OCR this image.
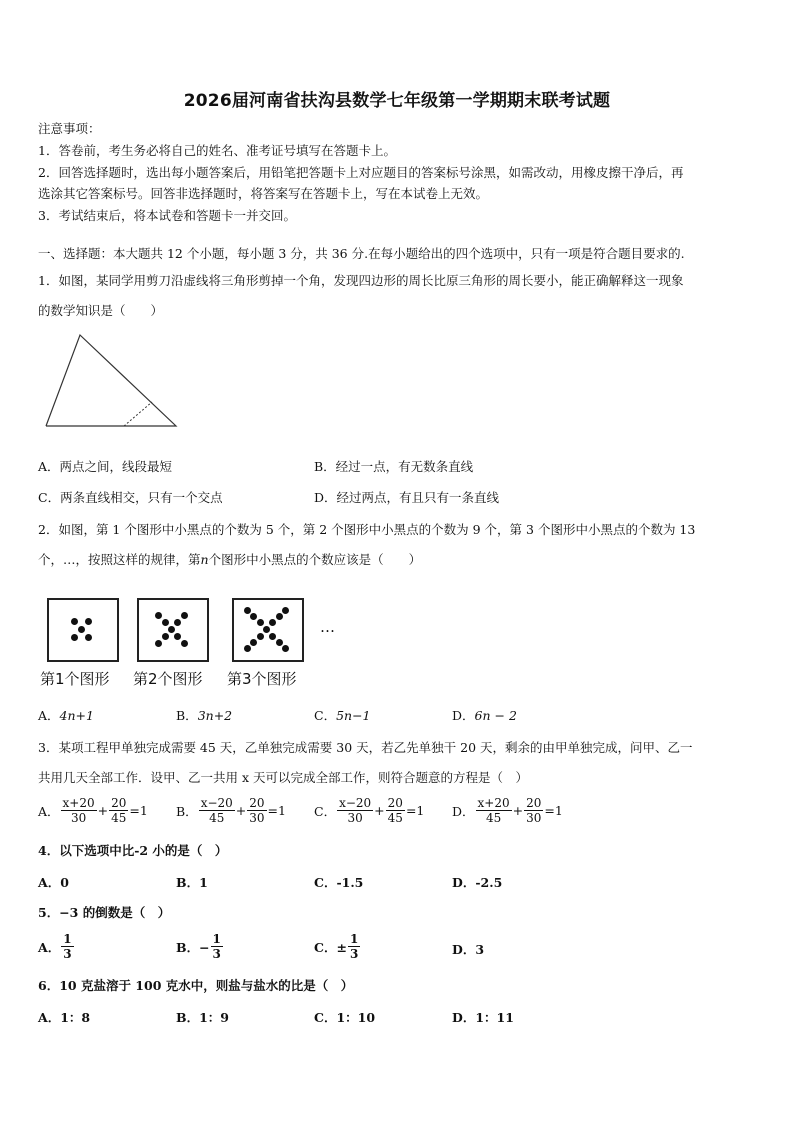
2026届河南省扶沟县数学七年级第一学期期末联考试题
注意事项：
1．答卷前，考生务必将自己的姓名、准考证号填写在答题卡上。
2．回答选择题时，选出每小题答案后，用铅笔把答题卡上对应题目的答案标号涂黑，如需改动，用橡皮擦干净后，再
选涂其它答案标号。回答非选择题时，将答案写在答题卡上，写在本试卷上无效。
3．考试结束后，将本试卷和答题卡一并交回。
一、选择题：本大题共 12 个小题，每小题 3 分，共 36 分.在每小题给出的四个选项中，只有一项是符合题目要求的.
1．如图，某同学用剪刀沿虚线将三角形剪掉一个角，发现四边形的周长比原三角形的周长要小，能正确解释这一现象
的数学知识是（　　）
A．两点之间，线段最短	B．经过一点，有无数条直线
C．两条直线相交，只有一个交点	D．经过两点，有且只有一条直线
2．如图，第 1 个图形中小黑点的个数为 5 个，第 2 个图形中小黑点的个数为 9 个，第 3 个图形中小黑点的个数为 13
个，…，按照这样的规律，第n个图形中小黑点的个数应该是（　　）
…
第1个图形 第2个图形 第3个图形
A．4n+1	B．3n+2	C．5n−1	D．6n − 2
3．某项工程甲单独完成需要 45 天，乙单独完成需要 30 天，若乙先单独干 20 天，剩余的由甲单独完成，问甲、乙一
共用几天全部工作．设甲、乙一共用 x 天可以完成全部工作，则符合题意的方程是（　）
A． $\frac{x+20}{30} + \frac{20}{45} =1$ B． $\frac{x-20}{45} + \frac{20}{30} =1$ C． $\frac{x-20}{30} + \frac{20}{45} =1$ D． $\frac{x+20}{45} + \frac{20}{30} =1$
4．以下选项中比-2 小的是（　）
A．0	B．1	C．-1.5	D．-2.5
5．−3 的倒数是（　）
A． $\frac{1}{3}$	B．− $\frac{1}{3}$	C．± $\frac{1}{3}$	D．3
6．10 克盐溶于 100 克水中，则盐与盐水的比是（　）
A．1：8	B．1：9	C．1：10	D．1：11
